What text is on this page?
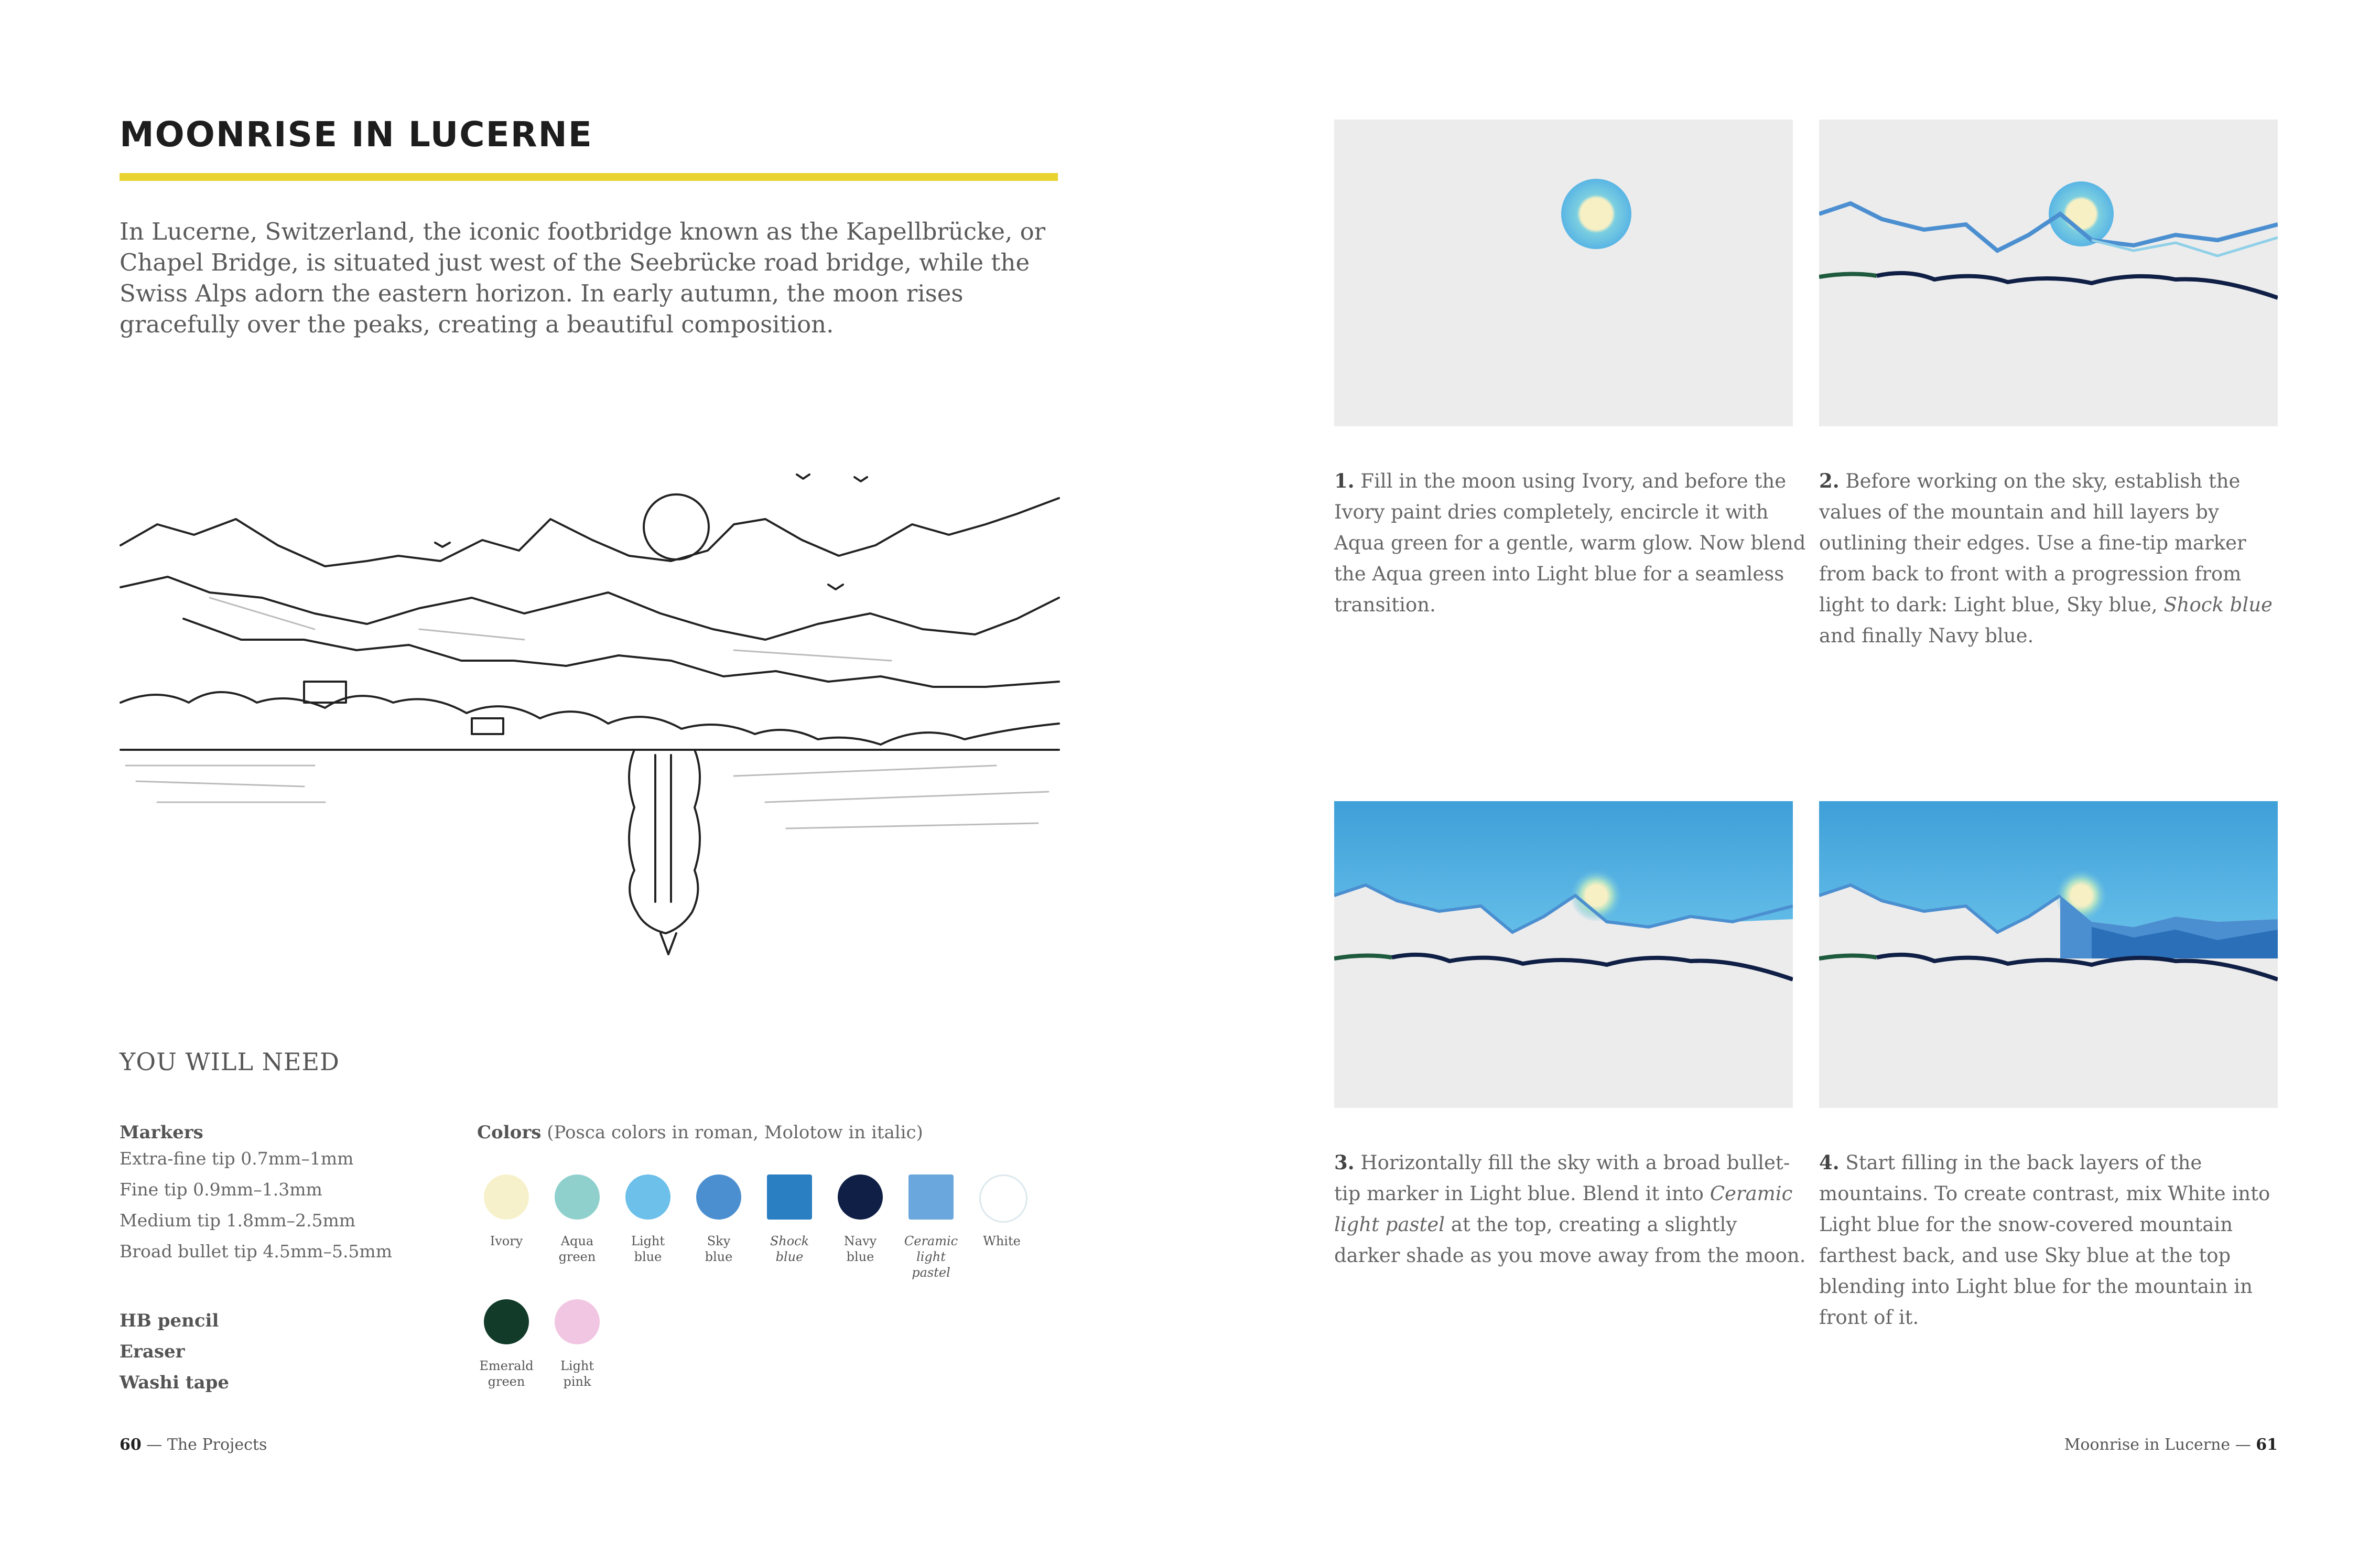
MOONRISE IN LUCERNE
In Lucerne, Switzerland, the iconic footbridge known as the Kapellbrücke, or Chapel Bridge, is situated just west of the Seebrücke road bridge, while the Swiss Alps adorn the eastern horizon. In early autumn, the moon rises gracefully over the peaks, creating a beautiful composition.
YOU WILL NEED
Markers
Extra-fine tip 0.7mm–1mm
Fine tip 0.9mm–1.3mm
Medium tip 1.8mm–2.5mm
Broad bullet tip 4.5mm–5.5mm
HB pencil
Eraser
Washi tape
Colors (Posca colors in roman, Molotow in italic)
Ivory	Aqua
green
Light
blue
Sky
blue
Shock
blue
Navy
blue
Ceramic
light pastel
White
Emerald
green
Light
pink
60 — The Projects
1. Fill in the moon using Ivory, and before the Ivory paint dries completely, encircle it with Aqua green for a gentle, warm glow. Now blend the Aqua green into Light blue for a seamless transition.
2. Before working on the sky, establish the values of the mountain and hill layers by outlining their edges. Use a fine-tip marker from back to front with a progression from light to dark: Light blue, Sky blue, Shock blue and finally Navy blue.
3. Horizontally fill the sky with a broad bullet-tip marker in Light blue. Blend it into Ceramic light pastel at the top, creating a slightly darker shade as you move away from the moon.
4. Start filling in the back layers of the mountains. To create contrast, mix White into Light blue for the snow-covered mountain farthest back, and use Sky blue at the top blending into Light blue for the mountain in front of it.
Moonrise in Lucerne — 61
